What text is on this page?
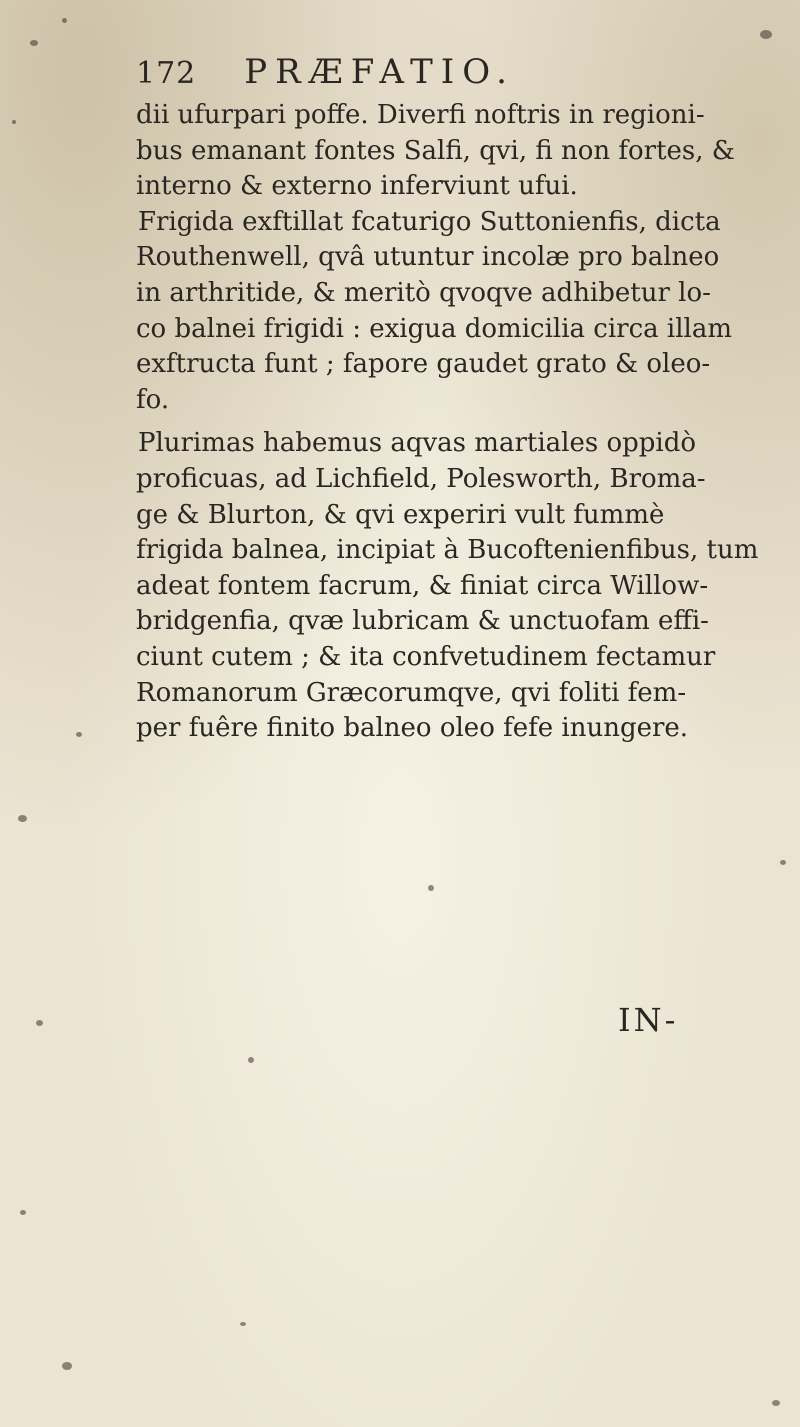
172 PRÆFATIO.
dii ufurpari poffe. Diverfi noftris in regioni-
bus emanant fontes Salfi, qvi, fi non fortes, &
interno & externo inferviunt ufui.
Frigida exftillat fcaturigo Suttonienfis, dicta
Routhenwell, qvâ utuntur incolæ pro balneo
in arthritide, & meritò qvoqve adhibetur lo-
co balnei frigidi : exigua domicilia circa illam
exftructa funt ; fapore gaudet grato & oleo-
fo.
Plurimas habemus aqvas martiales oppidò
proficuas, ad Lichfield, Polesworth, Broma-
ge & Blurton, & qvi experiri vult fummè
frigida balnea, incipiat à Bucoftenienfibus, tum
adeat fontem facrum, & finiat circa Willow-
bridgenfia, qvæ lubricam & unctuofam effi-
ciunt cutem ; & ita confvetudinem fectamur
Romanorum Græcorumqve, qvi foliti fem-
per fuêre finito balneo oleo fefe inungere.
IN-
